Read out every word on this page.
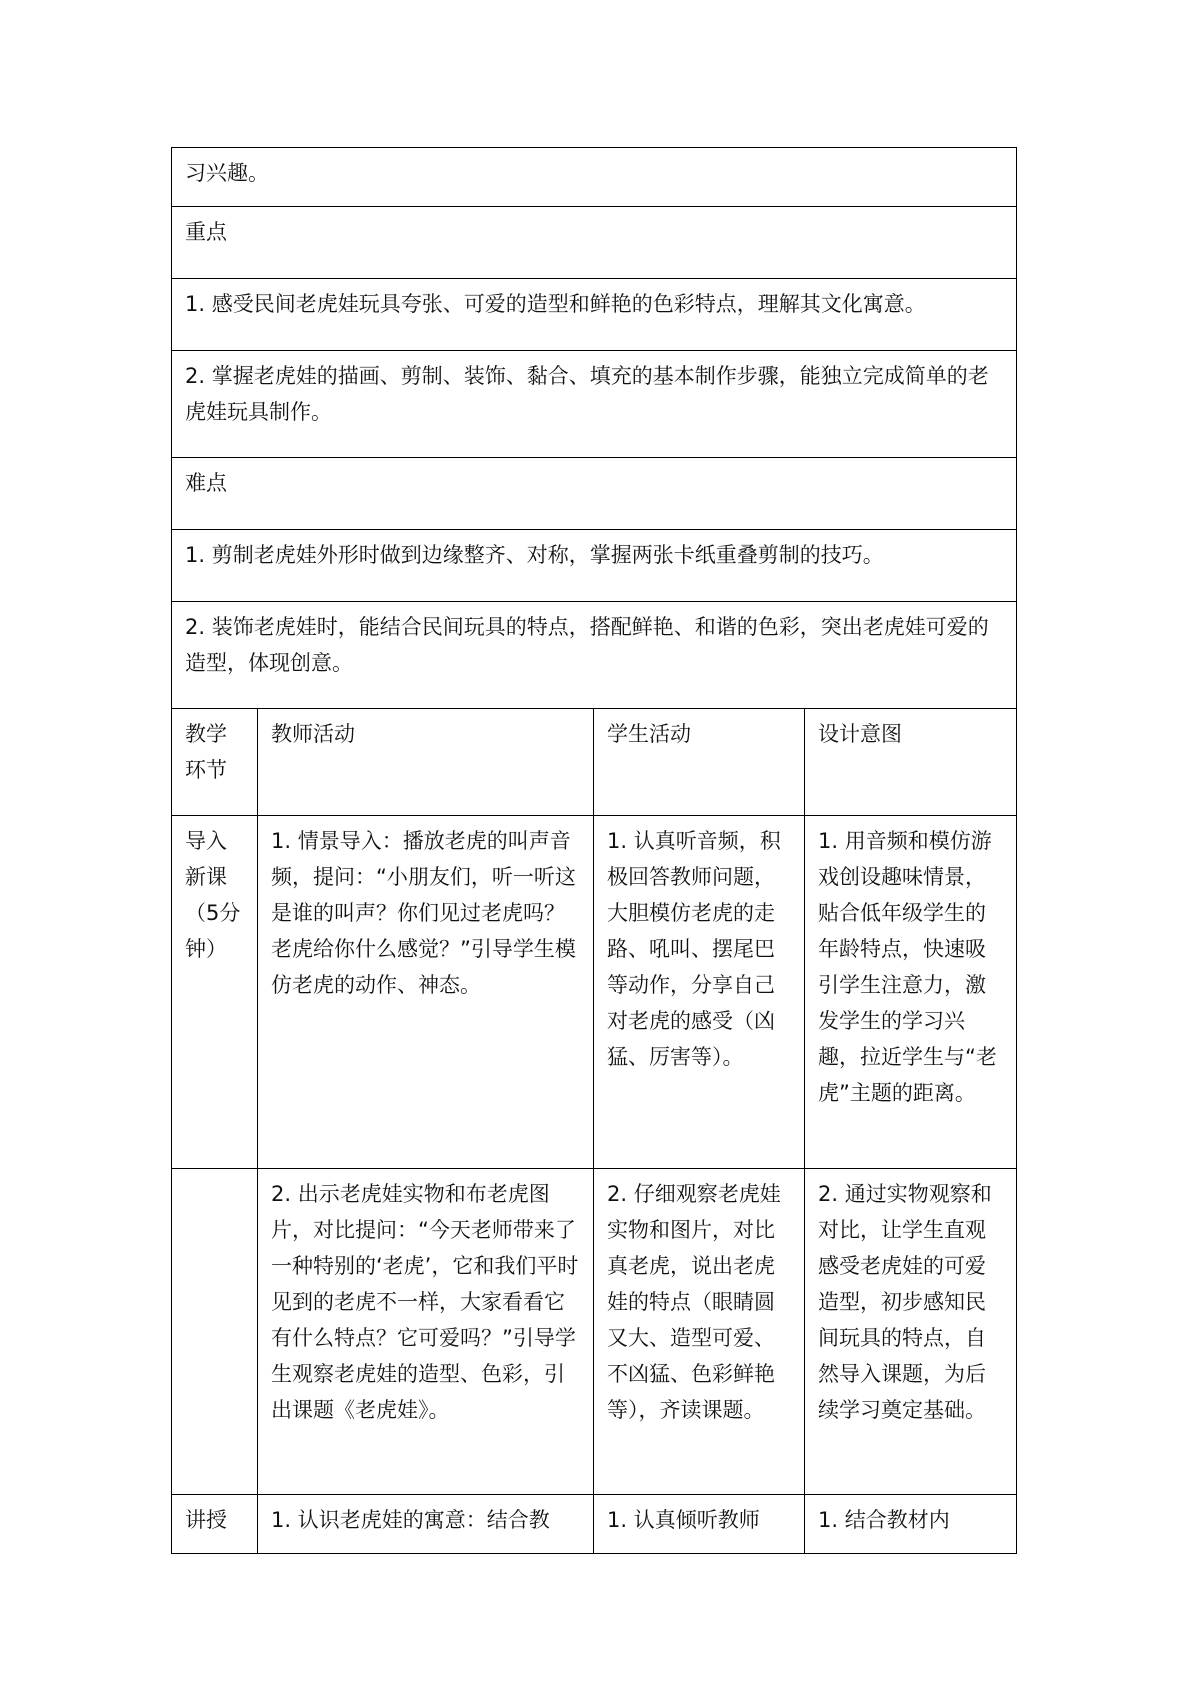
习兴趣。			
重点			
1. 感受民间老虎娃玩具夸张、可爱的造型和鲜艳的色彩特点，理解其文化寓意。			
2. 掌握老虎娃的描画、剪制、装饰、黏合、填充的基本制作步骤，能独立完成简单的老虎娃玩具制作。			
难点			
1. 剪制老虎娃外形时做到边缘整齐、对称，掌握两张卡纸重叠剪制的技巧。			
2. 装饰老虎娃时，能结合民间玩具的特点，搭配鲜艳、和谐的色彩，突出老虎娃可爱的造型，体现创意。			
教学环节	教师活动	学生活动	设计意图
导入新课（5分钟）	1. 情景导入：播放老虎的叫声音频，提问：“小朋友们，听一听这是谁的叫声？你们见过老虎吗？老虎给你什么感觉？”引导学生模仿老虎的动作、神态。	1. 认真听音频，积极回答教师问题，大胆模仿老虎的走路、吼叫、摆尾巴等动作，分享自己对老虎的感受（凶猛、厉害等）。	1. 用音频和模仿游戏创设趣味情景，贴合低年级学生的年龄特点，快速吸引学生注意力，激发学生的学习兴趣，拉近学生与“老虎”主题的距离。
	2. 出示老虎娃实物和布老虎图片，对比提问：“今天老师带来了一种特别的‘老虎’，它和我们平时见到的老虎不一样，大家看看它有什么特点？它可爱吗？”引导学生观察老虎娃的造型、色彩，引出课题《老虎娃》。	2. 仔细观察老虎娃实物和图片，对比真老虎，说出老虎娃的特点（眼睛圆又大、造型可爱、不凶猛、色彩鲜艳等），齐读课题。	2. 通过实物观察和对比，让学生直观感受老虎娃的可爱造型，初步感知民间玩具的特点，自然导入课题，为后续学习奠定基础。
讲授	1. 认识老虎娃的寓意：结合教	1. 认真倾听教师	1. 结合教材内
